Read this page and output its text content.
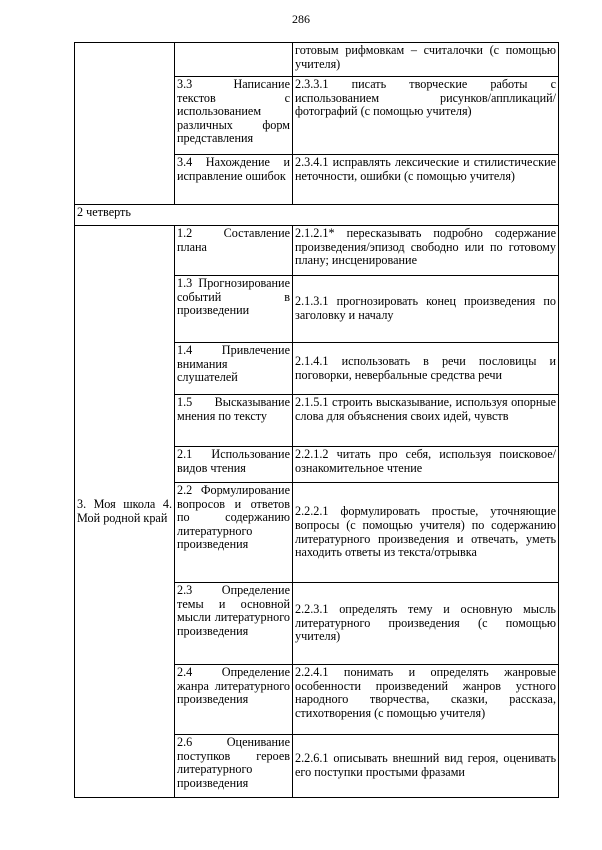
286
		готовым рифмовкам – считалочки (с помощью учителя)
	3.3 Написание текстов с использованием различных форм представления	2.3.3.1 писать творческие работы с использованием рисунков/аппликаций/фотографий (с помощью учителя)
	3.4 Нахождение и исправление ошибок	2.3.4.1 исправлять лексические и стилистические неточности, ошибки (с помощью учителя)
2 четверть		
3. Моя школа 4. Мой родной край	1.2 Составление плана	2.1.2.1* пересказывать подробно содержание произведения/эпизод свободно или по готовому плану; инсценирование
	1.3 Прогнозирование событий в произведении	2.1.3.1 прогнозировать конец произведения по заголовку и началу
	1.4 Привлечение внимания слушателей	2.1.4.1 использовать в речи пословицы и поговорки, невербальные средства речи
	1.5 Высказывание мнения по тексту	2.1.5.1 строить высказывание, используя опорные слова для объяснения своих идей, чувств
	2.1 Использование видов чтения	2.2.1.2 читать про себя, используя поисковое/ ознакомительное чтение
	2.2 Формулирование вопросов и ответов по содержанию литературного произведения	2.2.2.1 формулировать простые, уточняющие вопросы (с помощью учителя) по содержанию литературного произведения и отвечать, уметь находить ответы из текста/отрывка
	2.3 Определение темы и основной мысли литературного произведения	2.2.3.1 определять тему и основную мысль литературного произведения (с помощью учителя)
	2.4 Определение жанра литературного произведения	2.2.4.1 понимать и определять жанровые особенности произведений жанров устного народного творчества, сказки, рассказа, стихотворения (с помощью учителя)
	2.6 Оценивание поступков героев литературного произведения	2.2.6.1 описывать внешний вид героя, оценивать его поступки простыми фразами
